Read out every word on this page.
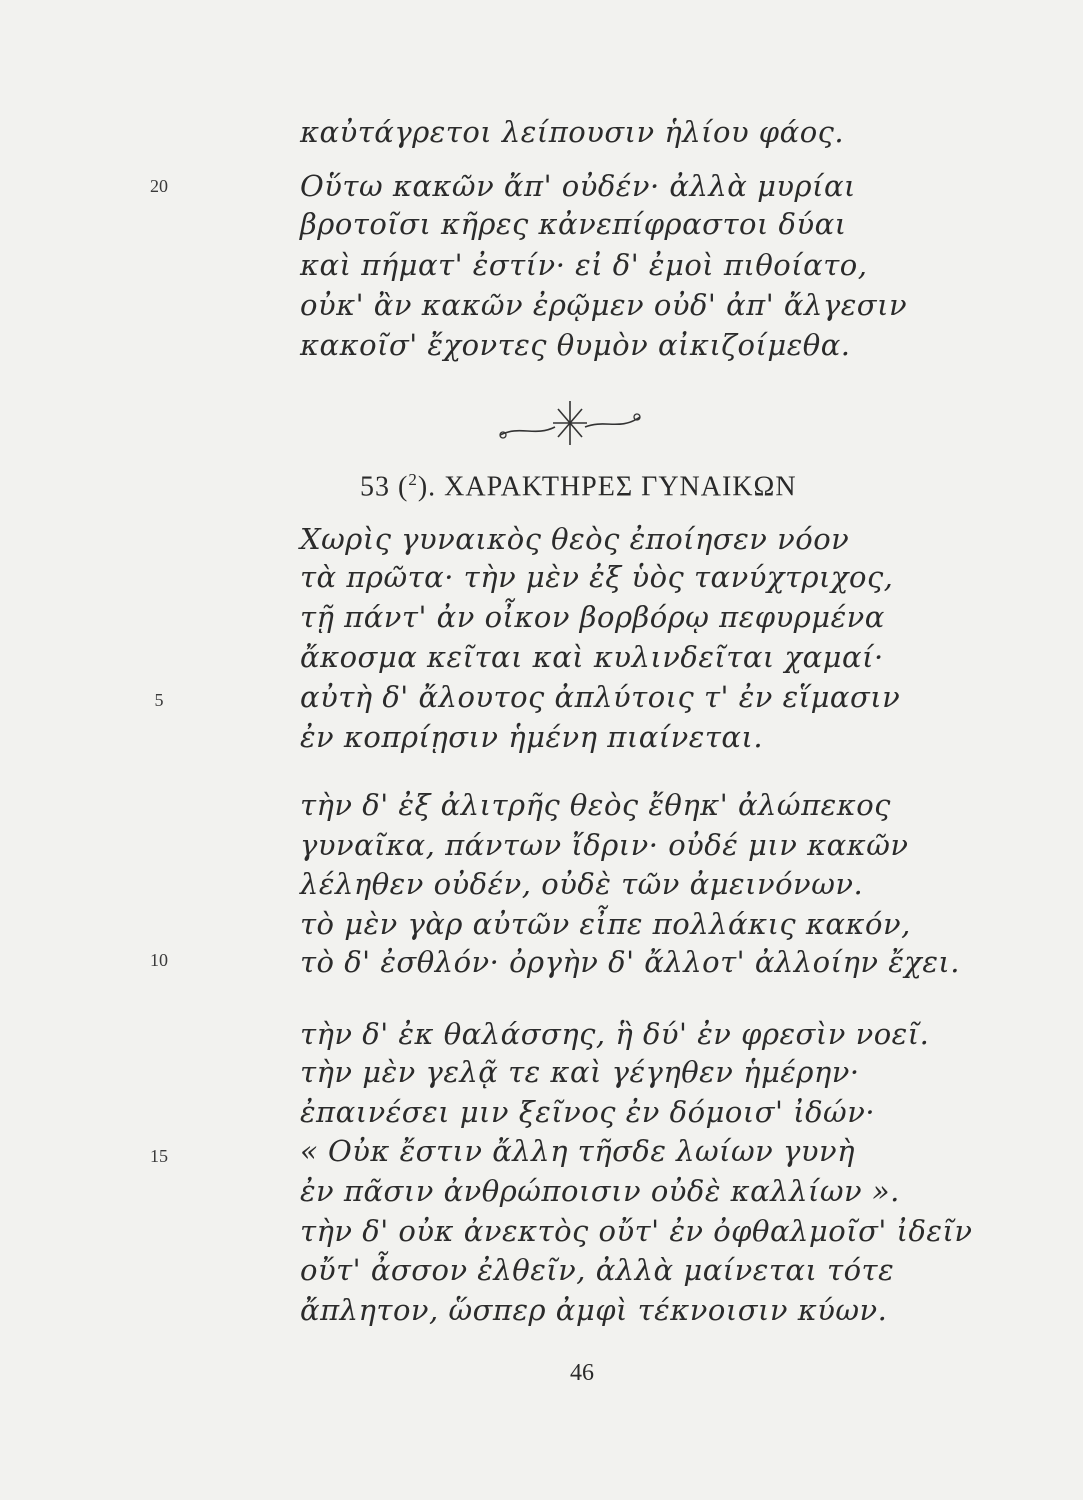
καὐτάγρετοι λείπουσιν ἡλίου φάος.
20	Οὕτω κακῶν ἄπ' οὐδέν· ἀλλὰ μυρίαι
βροτοῖσι κῆρες κἀνεπίφραστοι δύαι
καὶ πήματ' ἐστίν· εἰ δ' ἐμοὶ πιθοίατο,
οὐκ' ἂν κακῶν ἐρῷμεν οὐδ' ἀπ' ἄλγεσιν
κακοῖσ' ἔχοντες θυμὸν αἰκιζοίμεθα.
53 ($^2$). ΧΑΡΑΚΤΗΡΕΣ ΓΥΝΑΙΚΩΝ
Χωρὶς γυναικὸς θεὸς ἐποίησεν νόον
τὰ πρῶτα· τὴν μὲν ἐξ ὑὸς τανύχτριχος,
τῇ πάντ' ἀν οἶκον βορβόρῳ πεφυρμένα
ἄκοσμα κεῖται καὶ κυλινδεῖται χαμαί·
5	αὐτὴ δ' ἄλουτος ἀπλύτοις τ' ἐν εἵμασιν
ἐν κοπρίῃσιν ἡμένη πιαίνεται.
τὴν δ' ἐξ ἀλιτρῆς θεὸς ἔθηκ' ἀλώπεκος
γυναῖκα, πάντων ἴδριν· οὐδέ μιν κακῶν
λέληθεν οὐδέν, οὐδὲ τῶν ἀμεινόνων.
τὸ μὲν γὰρ αὐτῶν εἶπε πολλάκις κακόν,
10	τὸ δ' ἐσθλόν· ὀργὴν δ' ἄλλοτ' ἀλλοίην ἔχει.
τὴν δ' ἐκ θαλάσσης, ἣ δύ' ἐν φρεσὶν νοεῖ.
τὴν μὲν γελᾷ τε καὶ γέγηθεν ἡμέρην·
ἐπαινέσει μιν ξεῖνος ἐν δόμοισ' ἰδών·
15	« Οὐκ ἔστιν ἄλλη τῆσδε λωίων γυνὴ
ἐν πᾶσιν ἀνθρώποισιν οὐδὲ καλλίων ».
τὴν δ' οὐκ ἀνεκτὸς οὔτ' ἐν ὀφθαλμοῖσ' ἰδεῖν
οὔτ' ἆσσον ἐλθεῖν, ἀλλὰ μαίνεται τότε
ἄπλητον, ὥσπερ ἀμφὶ τέκνοισιν κύων.
46
